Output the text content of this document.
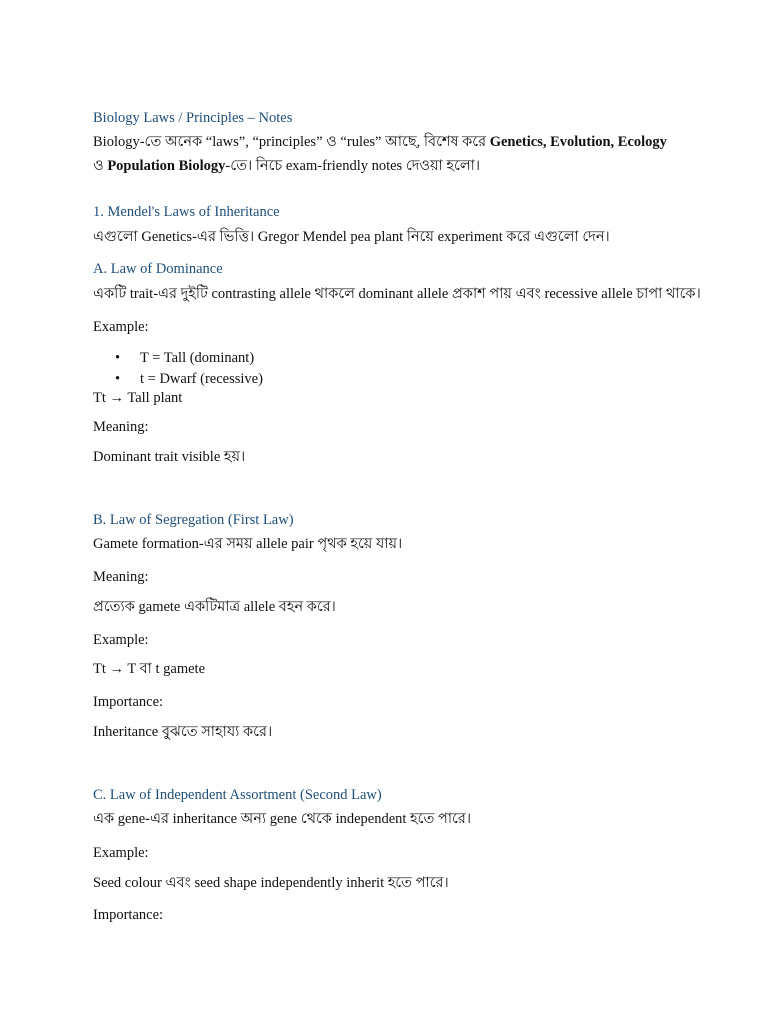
Biology Laws / Principles – Notes
Biology-তে অনেক “laws”, “principles” ও “rules” আছে, বিশেষ করে Genetics, Evolution, Ecology
ও Population Biology-তে। নিচে exam-friendly notes দেওয়া হলো।
1. Mendel's Laws of Inheritance
এগুলো Genetics-এর ভিত্তি। Gregor Mendel pea plant নিয়ে experiment করে এগুলো দেন।
A. Law of Dominance
একটি trait-এর দুইটি contrasting allele থাকলে dominant allele প্রকাশ পায় এবং recessive allele চাপা থাকে।
Example:
• T = Tall (dominant)
• t = Dwarf (recessive)
Tt → Tall plant
Meaning:
Dominant trait visible হয়।
B. Law of Segregation (First Law)
Gamete formation-এর সময় allele pair পৃথক হয়ে যায়।
Meaning:
প্রত্যেক gamete একটিমাত্র allele বহন করে।
Example:
Tt → T বা t gamete
Importance:
Inheritance বুঝতে সাহায্য করে।
C. Law of Independent Assortment (Second Law)
এক gene-এর inheritance অন্য gene থেকে independent হতে পারে।
Example:
Seed colour এবং seed shape independently inherit হতে পারে।
Importance:
